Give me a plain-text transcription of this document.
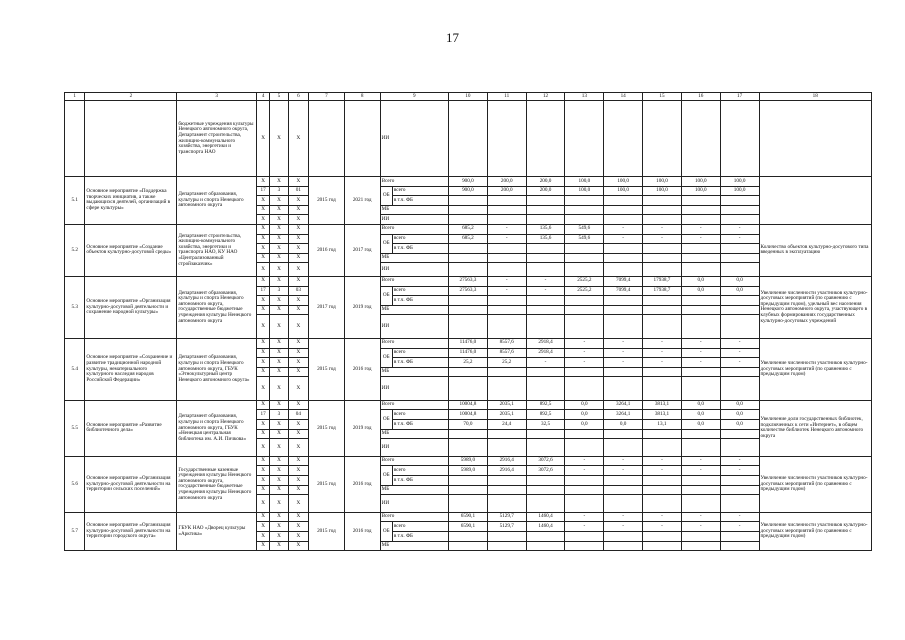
17
1	2	3	4	5	6	7	8	9		10	11	12	13	14	15	16	17	18
		бюджетные учреждения культуры Ненецкого автономного округа, Департамент строительства, жилищно-коммунального хозяйства, энергетики и транспорта НАО	X	X	X			ИИ										
5.1	Основное мероприятие «Поддержка творческих инициатив, а также выдающихся деятелей, организаций в сфере культуры»	Департамент образования, культуры и спорта Ненецкого автономного округа	X	X	X	2015 год	2021 год	Всего		900,0	200,0	200,0	100,0	100,0	100,0	100,0	100,0	
			17	3	01			ОБ	всего	900,0	200,0	200,0	100,0	100,0	100,0	100,0	100,0	
			X	X	X				в т.ч. ФБ									
			X	X	X			МБ										
			X	X	X			ИИ										
5.2	Основное мероприятие «Создание объектов культурно-досуговой среды»	Департамент строительства, жилищно-коммунального хозяйства, энергетики и транспорта НАО, КУ НАО «Централизованный стройзаказчик»	X	X	X	2016 год	2017 год	Всего		685,2	-	135,6	549,6	-	-	-	-	Количество объектов культурно-досугового типа введенных в эксплуатацию
			X	X	X			ОБ	всего	685,2	-	135,6	549,6	-	-	-	-	
			X	X	X				в т.ч. ФБ									
			X	X	X			МБ										
			X	X	X			ИИ										
5.3	Основное мероприятие «Организация культурно-досуговой деятельности и сохранение народной культуры»	Департамент образования, культуры и спорта Ненецкого автономного округа, государственные бюджетные учреждения культуры Ненецкого автономного округа	X	X	X	2017 год	2019 год	Всего		27563,3	-	-	2525,2	7099,4	17938,7	0,0	0,0	Увеличение численности участников культурно-досуговых мероприятий (по сравнению с предыдущим годом), удельный вес населения Ненецкого автономного округа, участвующего в клубных формированиях государственных культурно-досуговых учреждений
			17	3	03			ОБ	всего	27563,3	-	-	2525,2	7099,4	17938,7	0,0	0,0	
			X	X	X				в т.ч. ФБ									
			X	X	X			МБ										
			X	X	X			ИИ										
5.4	Основное мероприятие «Сохранение и развитие традиционной народной культуры, нематериального культурного наследия народов Российской Федерации»	Департамент образования, культуры и спорта Ненецкого автономного округа, ГБУК «Этнокультурный центр Ненецкого автономного округа»	X	X	X	2015 год	2016 год	Всего		11476,0	8557,6	2918,4	-	-	-	-	-	Увеличение численности участников культурно-досуговых мероприятий (по сравнению с предыдущим годом)
			X	X	X			ОБ	всего	11476,0	8557,6	2918,4	-	-	-	-	-	
			X	X	X				в т.ч. ФБ	25,2	25,2	-	-	-	-	-	-	
			X	X	X			МБ										
			X	X	X			ИИ										
5.5	Основное мероприятие «Развитие библиотечного дела»	Департамент образования, культуры и спорта Ненецкого автономного округа, ГБУК «Ненецкая центральная библиотека им. А.И. Пичкова»	X	X	X	2015 год	2019 год	Всего		10004,8	2035,1	892,5	0,0	3264,1	3813,1	0,0	0,0	Увеличение доли государственных библиотек, подключенных к сети «Интернет», в общем количестве библиотек Ненецкого автономного округа
			17	3	04			ОБ	всего	10004,8	2035,1	892,5	0,0	3264,1	3813,1	0,0	0,0	
			X	X	X				в т.ч. ФБ	70,0	24,4	32,5	0,0	0,0	13,1	0,0	0,0	
			X	X	X			МБ										
			X	X	X			ИИ										
5.6	Основное мероприятие «Организация культурно-досуговой деятельности на территории сельских поселений»	Государственные казенные учреждения культуры Ненецкого автономного округа, государственные бюджетные учреждения культуры Ненецкого автономного округа	X	X	X	2015 год	2016 год	Всего		5989,0	2916,4	3072,6	-	-	-	-	-	Увеличение численности участников культурно-досуговых мероприятий (по сравнению с предыдущим годом)
			X	X	X			ОБ	всего	5989,0	2916,4	3072,6	-	-	-	-	-	
			X	X	X				в т.ч. ФБ									
			X	X	X			МБ										
			X	X	X			ИИ										
5.7	Основное мероприятие «Организация культурно-досуговой деятельности на территории городского округа»	ГБУК НАО «Дворец культуры «Арктика»	X	X	X	2015 год	2016 год	Всего		6590,1	5129,7	1460,4	-	-	-	-	-	Увеличение численности участников культурно-досуговых мероприятий (по сравнению с предыдущим годом)
			X	X	X			ОБ	всего	6590,1	5129,7	1460,4	-	-	-	-	-	
			X	X	X				в т.ч. ФБ									
			X	X	X			МБ										
